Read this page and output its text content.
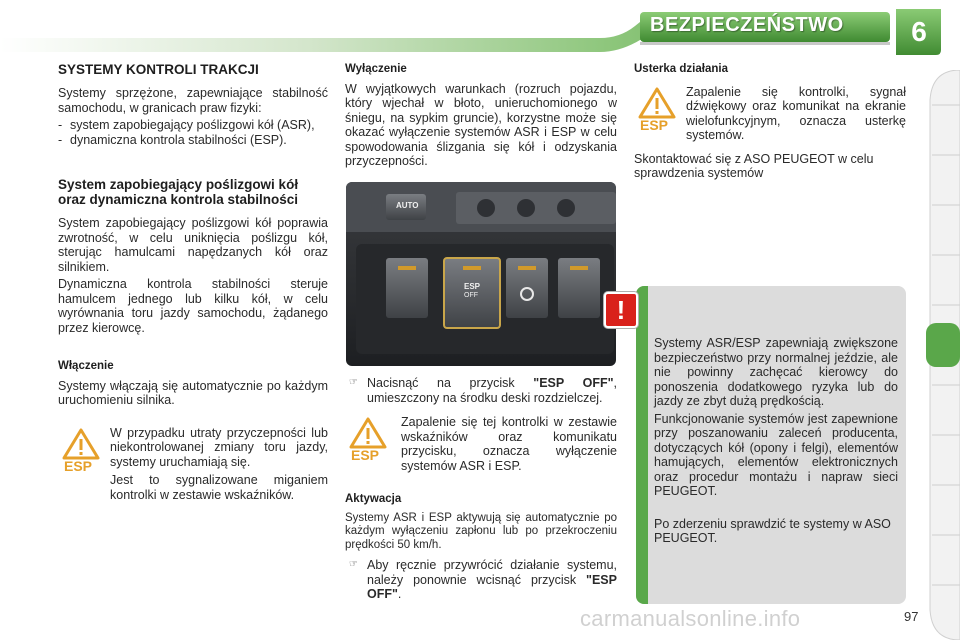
BEZPIECZEŃSTWO	6
SYSTEMY KONTROLI TRAKCJI

Systemy sprzężone, zapewniające stabilność samochodu, w granicach praw fizyki:

- system zapobiegający poślizgowi kół (ASR),
- dynamiczna kontrola stabilności (ESP).
System zapobiegający poślizgowi kół oraz dynamiczna kontrola stabilności

System zapobiegający poślizgowi kół poprawia zwrotność, w celu uniknięcia poślizgu kół, sterując hamulcami napędzanych kół oraz silnikiem.

Dynamiczna kontrola stabilności steruje hamulcem jednego lub kilku kół, w celu wyrównania toru jazdy samochodu, żądanego przez kierowcę.

Włączenie

Systemy włączają się automatycznie po każdym uruchomieniu silnika.

ESP

W przypadku utraty przyczepności lub niekontrolowanej zmiany toru jazdy, systemy uruchamiają się.

Jest to sygnalizowane miganiem kontrolki w zestawie wskaźników.

Wyłączenie

W wyjątkowych warunkach (rozruch pojazdu, który wjechał w błoto, unieruchomionego w śniegu, na sypkim gruncie), korzystne może się okazać wyłączenie systemów ASR i ESP w celu spowodowania ślizgania się kół i odzyskania przyczepności.

AUTO
ESP
OFF
☞ Nacisnąć na przycisk "ESP OFF", umieszczony na środku deski rozdzielczej.
ESP

Zapalenie się tej kontrolki w zestawie wskaźników oraz komunikatu przycisku, oznacza wyłączenie systemów ASR i ESP.

Aktywacja

Systemy ASR i ESP aktywują się automatycznie po każdym wyłączeniu zapłonu lub po przekroczeniu prędkości 50 km/h.

☞ Aby ręcznie przywrócić działanie systemu, należy ponownie wcisnąć przycisk "ESP OFF".
Usterka działania
ESP

Zapalenie się kontrolki, sygnał dźwiękowy oraz komunikat na ekranie wielofunkcyjnym, oznacza usterkę systemów.

Skontaktować się z ASO PEUGEOT w celu sprawdzenia systemów

Systemy ASR/ESP zapewniają zwiększone bezpieczeństwo przy normalnej jeździe, ale nie powinny zachęcać kierowcy do ponoszenia dodatkowego ryzyka lub do jazdy ze zbyt dużą prędkością.

Funkcjonowanie systemów jest zapewnione przy poszanowaniu zaleceń producenta, dotyczących kół (opony i felgi), elementów hamujących, elementów elektronicznych oraz procedur montażu i napraw sieci PEUGEOT.

Po zderzeniu sprawdzić te systemy w ASO PEUGEOT.

!
carmanualsonline.info	97
